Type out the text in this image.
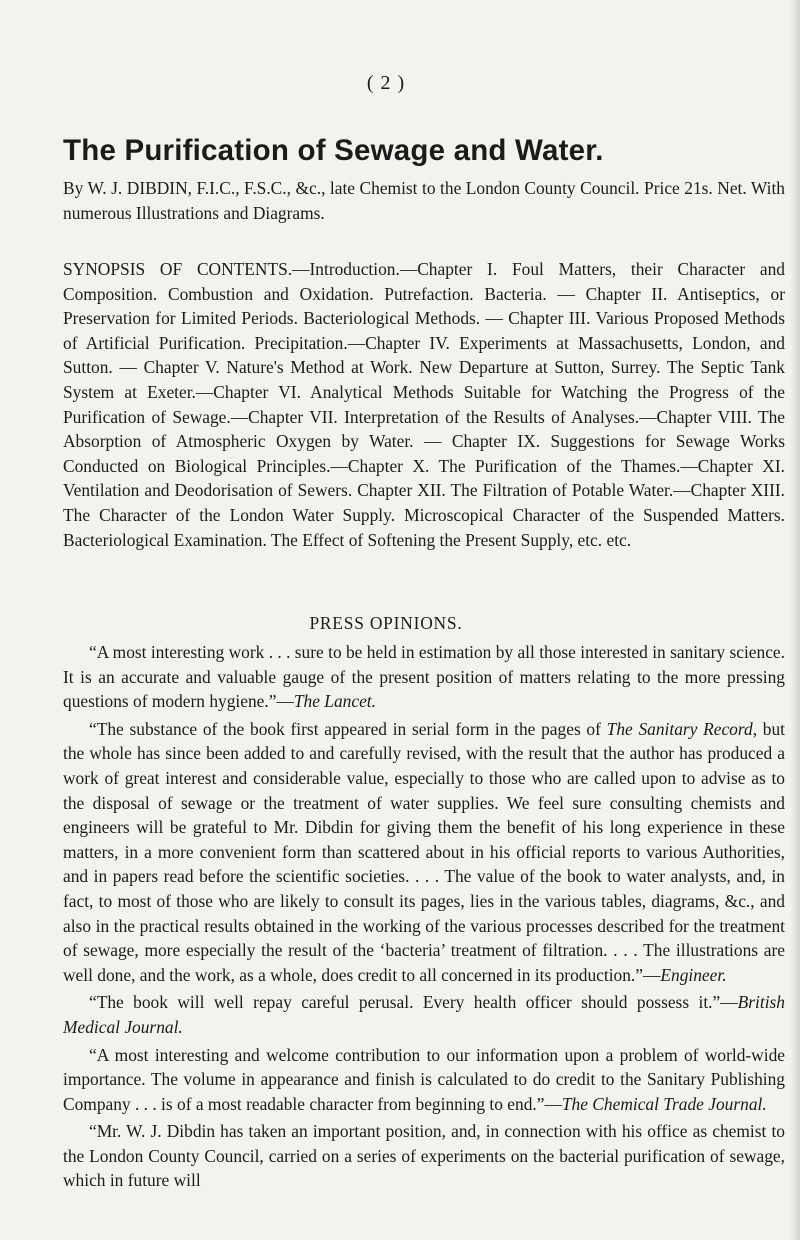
( 2 )
The Purification of Sewage and Water.

By W. J. DIBDIN, F.I.C., F.S.C., &c., late Chemist to the London County Council. Price 21s. Net. With numerous Illustrations and Diagrams.

SYNOPSIS OF CONTENTS.—Introduction.—Chapter I. Foul Matters, their Character and Composition. Combustion and Oxidation. Putrefaction. Bacteria. — Chapter II. Antiseptics, or Preservation for Limited Periods. Bacteriological Methods. — Chapter III. Various Proposed Methods of Artificial Purification. Precipitation.—Chapter IV. Experiments at Massachusetts, London, and Sutton. — Chapter V. Nature's Method at Work. New Departure at Sutton, Surrey. The Septic Tank System at Exeter.—Chapter VI. Analytical Methods Suitable for Watching the Progress of the Purification of Sewage.—Chapter VII. Interpretation of the Results of Analyses.—Chapter VIII. The Absorption of Atmospheric Oxygen by Water. — Chapter IX. Suggestions for Sewage Works Conducted on Biological Principles.—Chapter X. The Purification of the Thames.—Chapter XI. Ventilation and Deodorisation of Sewers. Chapter XII. The Filtration of Potable Water.—Chapter XIII. The Character of the London Water Supply. Microscopical Character of the Suspended Matters. Bacteriological Examination. The Effect of Softening the Present Supply, etc. etc.

PRESS OPINIONS.

“A most interesting work . . . sure to be held in estimation by all those interested in sanitary science. It is an accurate and valuable gauge of the present position of matters relating to the more pressing questions of modern hygiene.”—The Lancet.

“The substance of the book first appeared in serial form in the pages of The Sanitary Record, but the whole has since been added to and carefully revised, with the result that the author has produced a work of great interest and considerable value, especially to those who are called upon to advise as to the disposal of sewage or the treatment of water supplies. We feel sure consulting chemists and engineers will be grateful to Mr. Dibdin for giving them the benefit of his long experience in these matters, in a more convenient form than scattered about in his official reports to various Authorities, and in papers read before the scientific societies. . . . The value of the book to water analysts, and, in fact, to most of those who are likely to consult its pages, lies in the various tables, diagrams, &c., and also in the practical results obtained in the working of the various processes described for the treatment of sewage, more especially the result of the ‘bacteria’ treatment of filtration. . . . The illustrations are well done, and the work, as a whole, does credit to all concerned in its production.”—Engineer.

“The book will well repay careful perusal. Every health officer should possess it.”—British Medical Journal.

“A most interesting and welcome contribution to our information upon a problem of world-wide importance. The volume in appearance and finish is calculated to do credit to the Sanitary Publishing Company . . . is of a most readable character from beginning to end.”—The Chemical Trade Journal.

“Mr. W. J. Dibdin has taken an important position, and, in connection with his office as chemist to the London County Council, carried on a series of experiments on the bacterial purification of sewage, which in future will
